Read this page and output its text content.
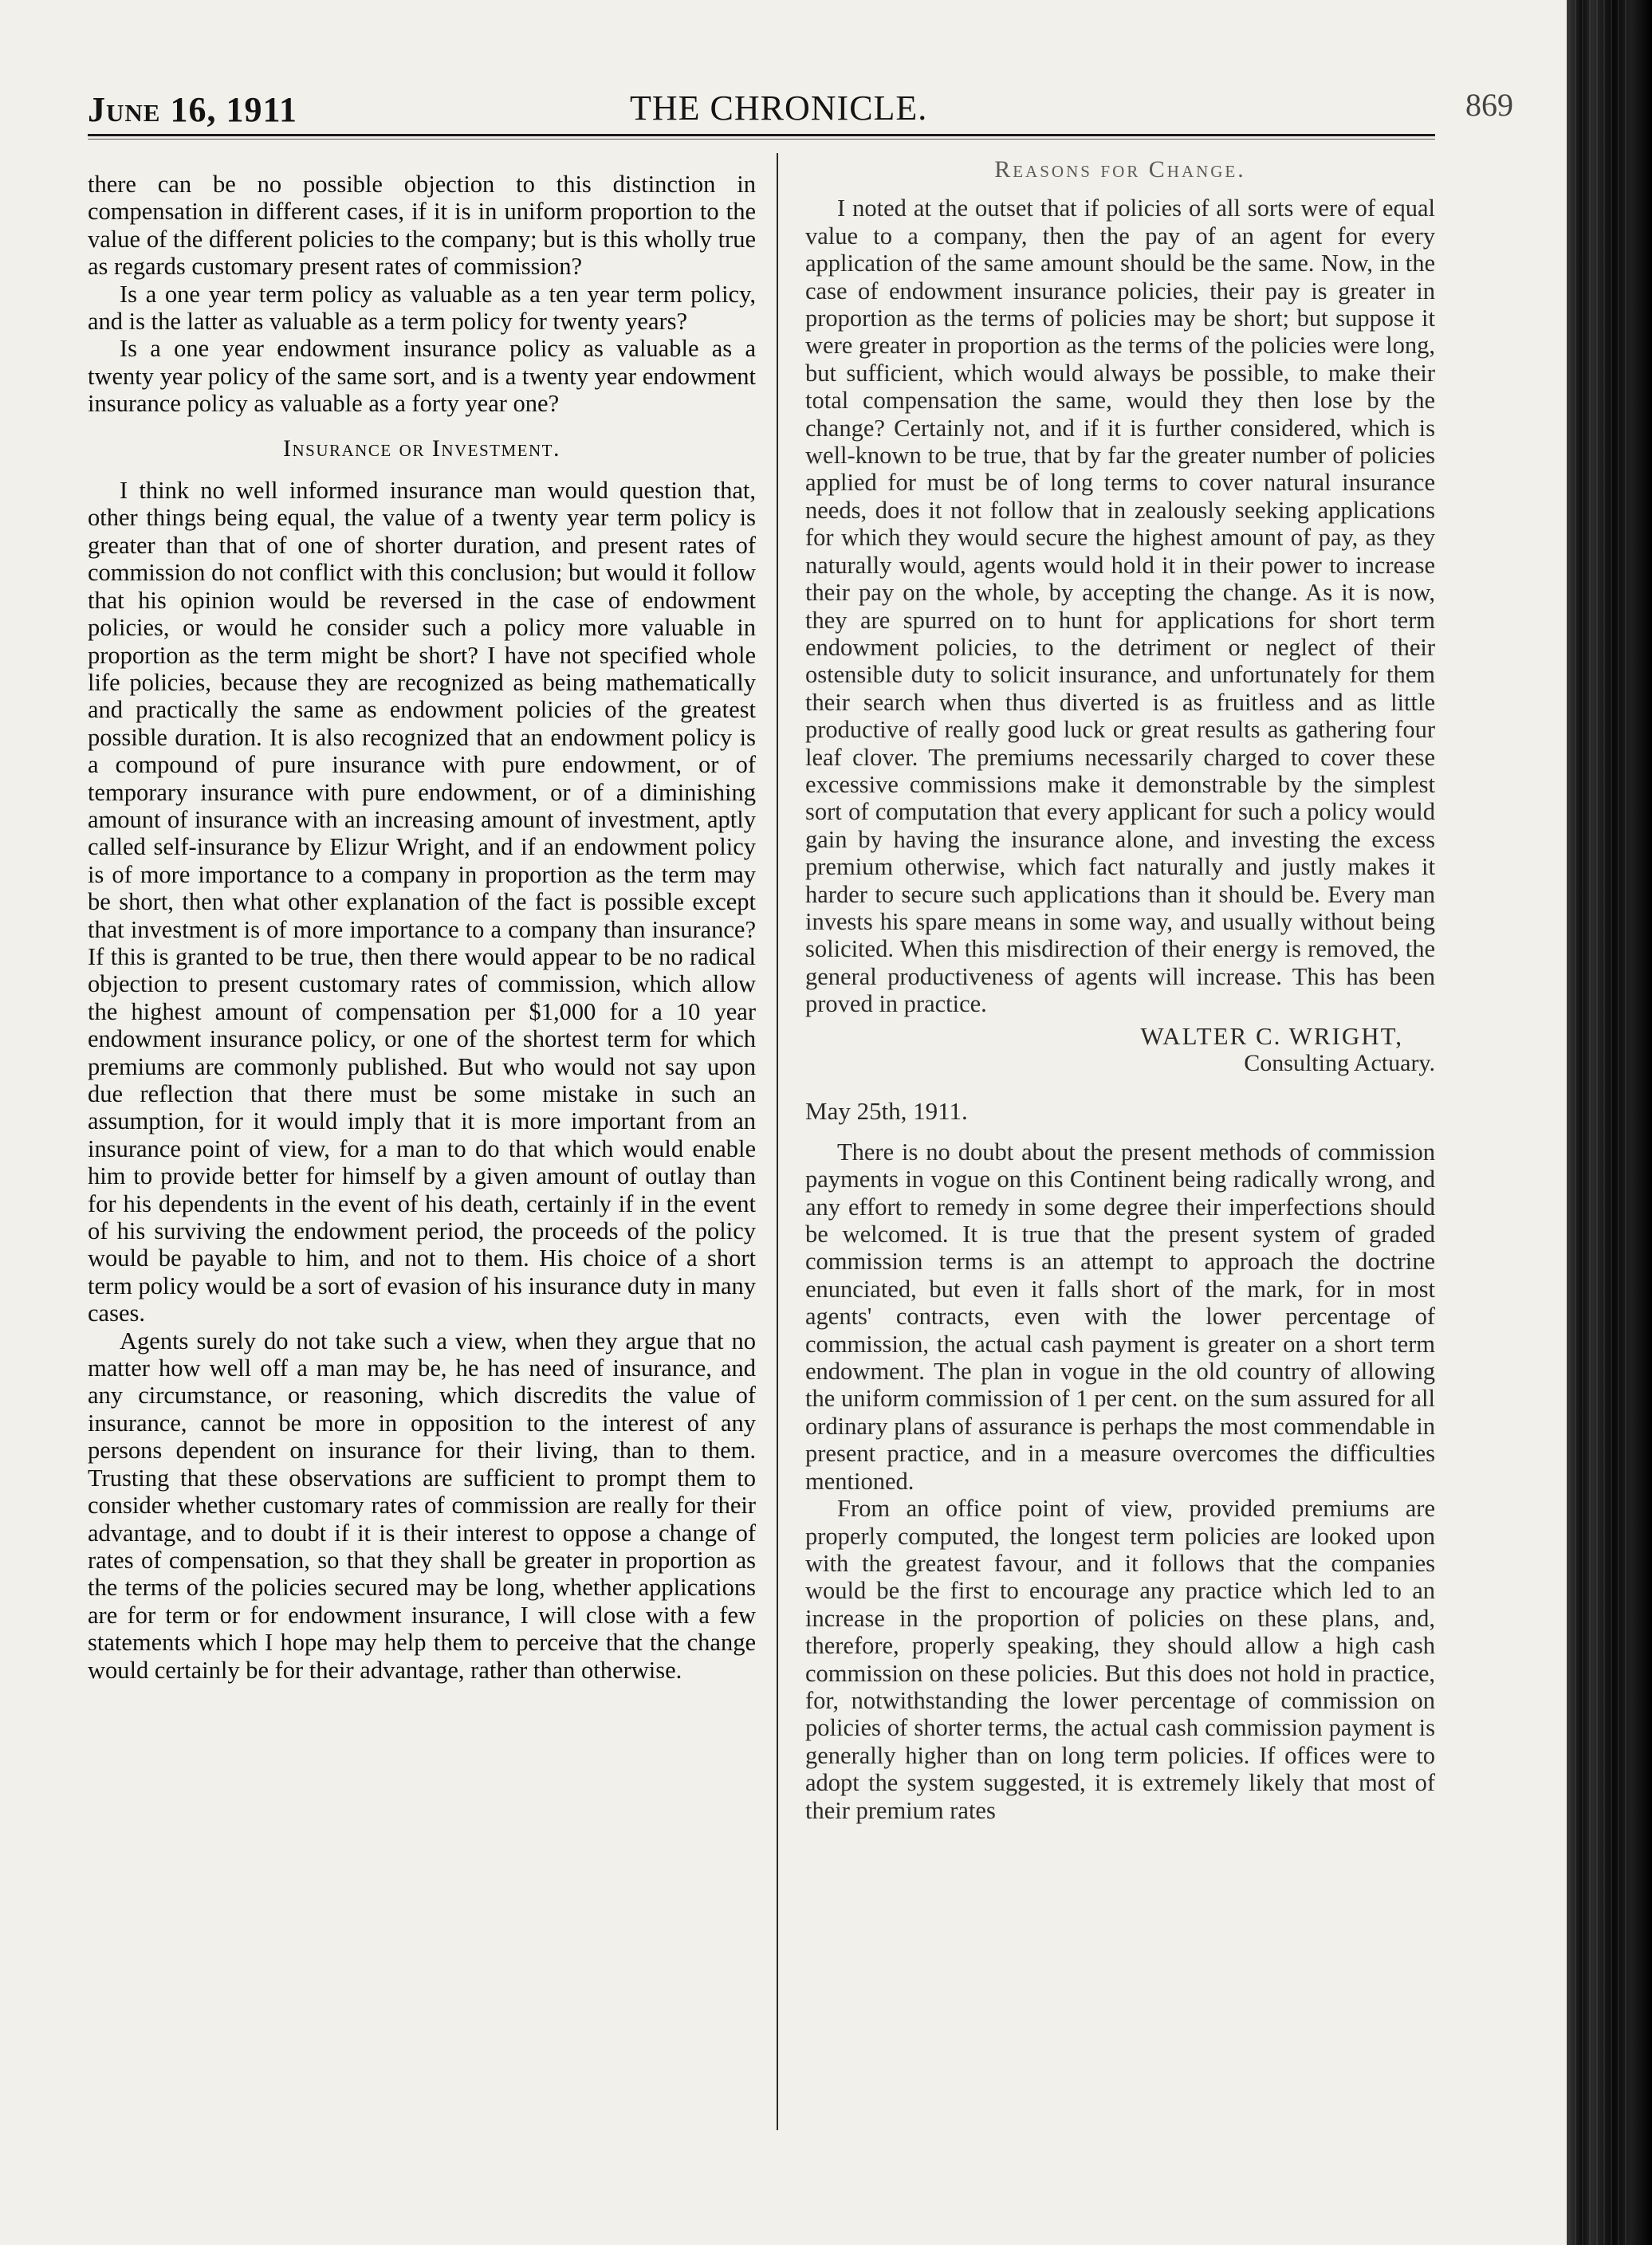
June 16, 1911	THE CHRONICLE.	869

there can be no possible objection to this distinction in compensation in different cases, if it is in uniform proportion to the value of the different policies to the company; but is this wholly true as regards customary present rates of commission?

Is a one year term policy as valuable as a ten year term policy, and is the latter as valuable as a term policy for twenty years?

Is a one year endowment insurance policy as valuable as a twenty year policy of the same sort, and is a twenty year endowment insurance policy as valuable as a forty year one?

Insurance or Investment.

I think no well informed insurance man would question that, other things being equal, the value of a twenty year term policy is greater than that of one of shorter duration, and present rates of commission do not conflict with this conclusion; but would it follow that his opinion would be reversed in the case of endowment policies, or would he consider such a policy more valuable in proportion as the term might be short? I have not specified whole life policies, because they are recognized as being mathematically and practically the same as endowment policies of the greatest possible duration. It is also recognized that an endowment policy is a compound of pure insurance with pure endowment, or of temporary insurance with pure endowment, or of a diminishing amount of insurance with an increasing amount of investment, aptly called self-insurance by Elizur Wright, and if an endowment policy is of more importance to a company in proportion as the term may be short, then what other explanation of the fact is possible except that investment is of more importance to a company than insurance? If this is granted to be true, then there would appear to be no radical objection to present customary rates of commission, which allow the highest amount of compensation per $1,000 for a 10 year endowment insurance policy, or one of the shortest term for which premiums are commonly published. But who would not say upon due reflection that there must be some mistake in such an assumption, for it would imply that it is more important from an insurance point of view, for a man to do that which would enable him to provide better for himself by a given amount of outlay than for his dependents in the event of his death, certainly if in the event of his surviving the endowment period, the proceeds of the policy would be payable to him, and not to them. His choice of a short term policy would be a sort of evasion of his insurance duty in many cases.

Agents surely do not take such a view, when they argue that no matter how well off a man may be, he has need of insurance, and any circumstance, or reasoning, which discredits the value of insurance, cannot be more in opposition to the interest of any persons dependent on insurance for their living, than to them. Trusting that these observations are sufficient to prompt them to consider whether customary rates of commission are really for their advantage, and to doubt if it is their interest to oppose a change of rates of compensation, so that they shall be greater in proportion as the terms of the policies secured may be long, whether applications are for term or for endowment insurance, I will close with a few statements which I hope may help them to perceive that the change would certainly be for their advantage, rather than otherwise.

Reasons for Change.

I noted at the outset that if policies of all sorts were of equal value to a company, then the pay of an agent for every application of the same amount should be the same. Now, in the case of endowment insurance policies, their pay is greater in proportion as the terms of policies may be short; but suppose it were greater in proportion as the terms of the policies were long, but sufficient, which would always be possible, to make their total compensation the same, would they then lose by the change? Certainly not, and if it is further considered, which is well-known to be true, that by far the greater number of policies applied for must be of long terms to cover natural insurance needs, does it not follow that in zealously seeking applications for which they would secure the highest amount of pay, as they naturally would, agents would hold it in their power to increase their pay on the whole, by accepting the change. As it is now, they are spurred on to hunt for applications for short term endowment policies, to the detriment or neglect of their ostensible duty to solicit insurance, and unfortunately for them their search when thus diverted is as fruitless and as little productive of really good luck or great results as gathering four leaf clover. The premiums necessarily charged to cover these excessive commissions make it demonstrable by the simplest sort of computation that every applicant for such a policy would gain by having the insurance alone, and investing the excess premium otherwise, which fact naturally and justly makes it harder to secure such applications than it should be. Every man invests his spare means in some way, and usually without being solicited. When this misdirection of their energy is removed, the general productiveness of agents will increase. This has been proved in practice.

WALTER C. WRIGHT,
Consulting Actuary.
May 25th, 1911.

There is no doubt about the present methods of commission payments in vogue on this Continent being radically wrong, and any effort to remedy in some degree their imperfections should be welcomed. It is true that the present system of graded commission terms is an attempt to approach the doctrine enunciated, but even it falls short of the mark, for in most agents' contracts, even with the lower percentage of commission, the actual cash payment is greater on a short term endowment. The plan in vogue in the old country of allowing the uniform commission of 1 per cent. on the sum assured for all ordinary plans of assurance is perhaps the most commendable in present practice, and in a measure overcomes the difficulties mentioned.

From an office point of view, provided premiums are properly computed, the longest term policies are looked upon with the greatest favour, and it follows that the companies would be the first to encourage any practice which led to an increase in the proportion of policies on these plans, and, therefore, properly speaking, they should allow a high cash commission on these policies. But this does not hold in practice, for, notwithstanding the lower percentage of commission on policies of shorter terms, the actual cash commission payment is generally higher than on long term policies. If offices were to adopt the system suggested, it is extremely likely that most of their premium rates
